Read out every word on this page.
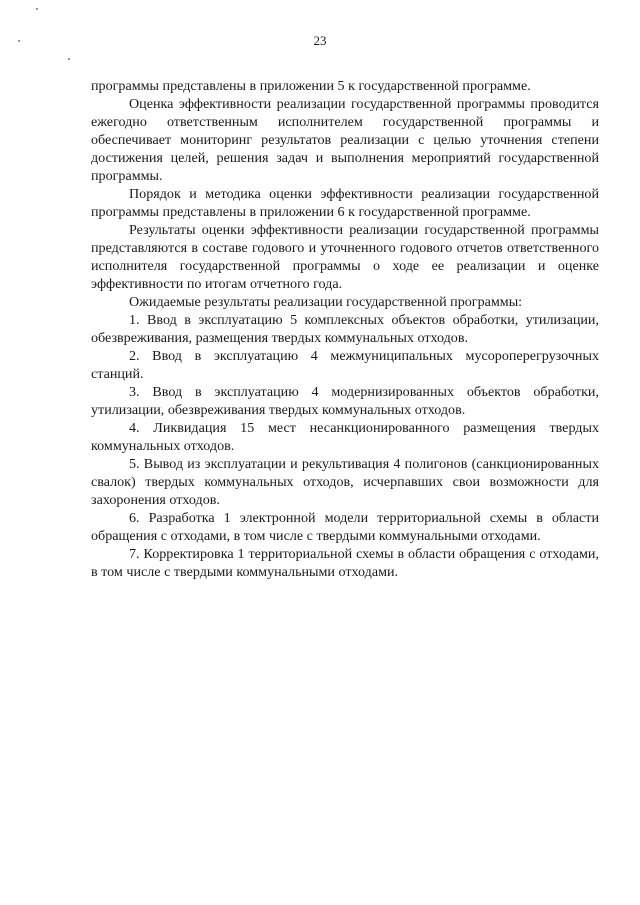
23

программы представлены в приложении 5 к государственной программе.

Оценка эффективности реализации государственной программы проводится ежегодно ответственным исполнителем государственной программы и обеспечивает мониторинг результатов реализации с целью уточнения степени достижения целей, решения задач и выполнения мероприятий государственной программы.

Порядок и методика оценки эффективности реализации государственной программы представлены в приложении 6 к государственной программе.

Результаты оценки эффективности реализации государственной программы представляются в составе годового и уточненного годового отчетов ответственного исполнителя государственной программы о ходе ее реализации и оценке эффективности по итогам отчетного года.

Ожидаемые результаты реализации государственной программы:

1. Ввод в эксплуатацию 5 комплексных объектов обработки, утилизации, обезвреживания, размещения твердых коммунальных отходов.

2. Ввод в эксплуатацию 4 межмуниципальных мусороперегрузочных станций.

3. Ввод в эксплуатацию 4 модернизированных объектов обработки, утилизации, обезвреживания твердых коммунальных отходов.

4. Ликвидация 15 мест несанкционированного размещения твердых коммунальных отходов.

5. Вывод из эксплуатации и рекультивация 4 полигонов (санкционированных свалок) твердых коммунальных отходов, исчерпавших свои возможности для захоронения отходов.

6. Разработка 1 электронной модели территориальной схемы в области обращения с отходами, в том числе с твердыми коммунальными отходами.

7. Корректировка 1 территориальной схемы в области обращения с отходами, в том числе с твердыми коммунальными отходами.
